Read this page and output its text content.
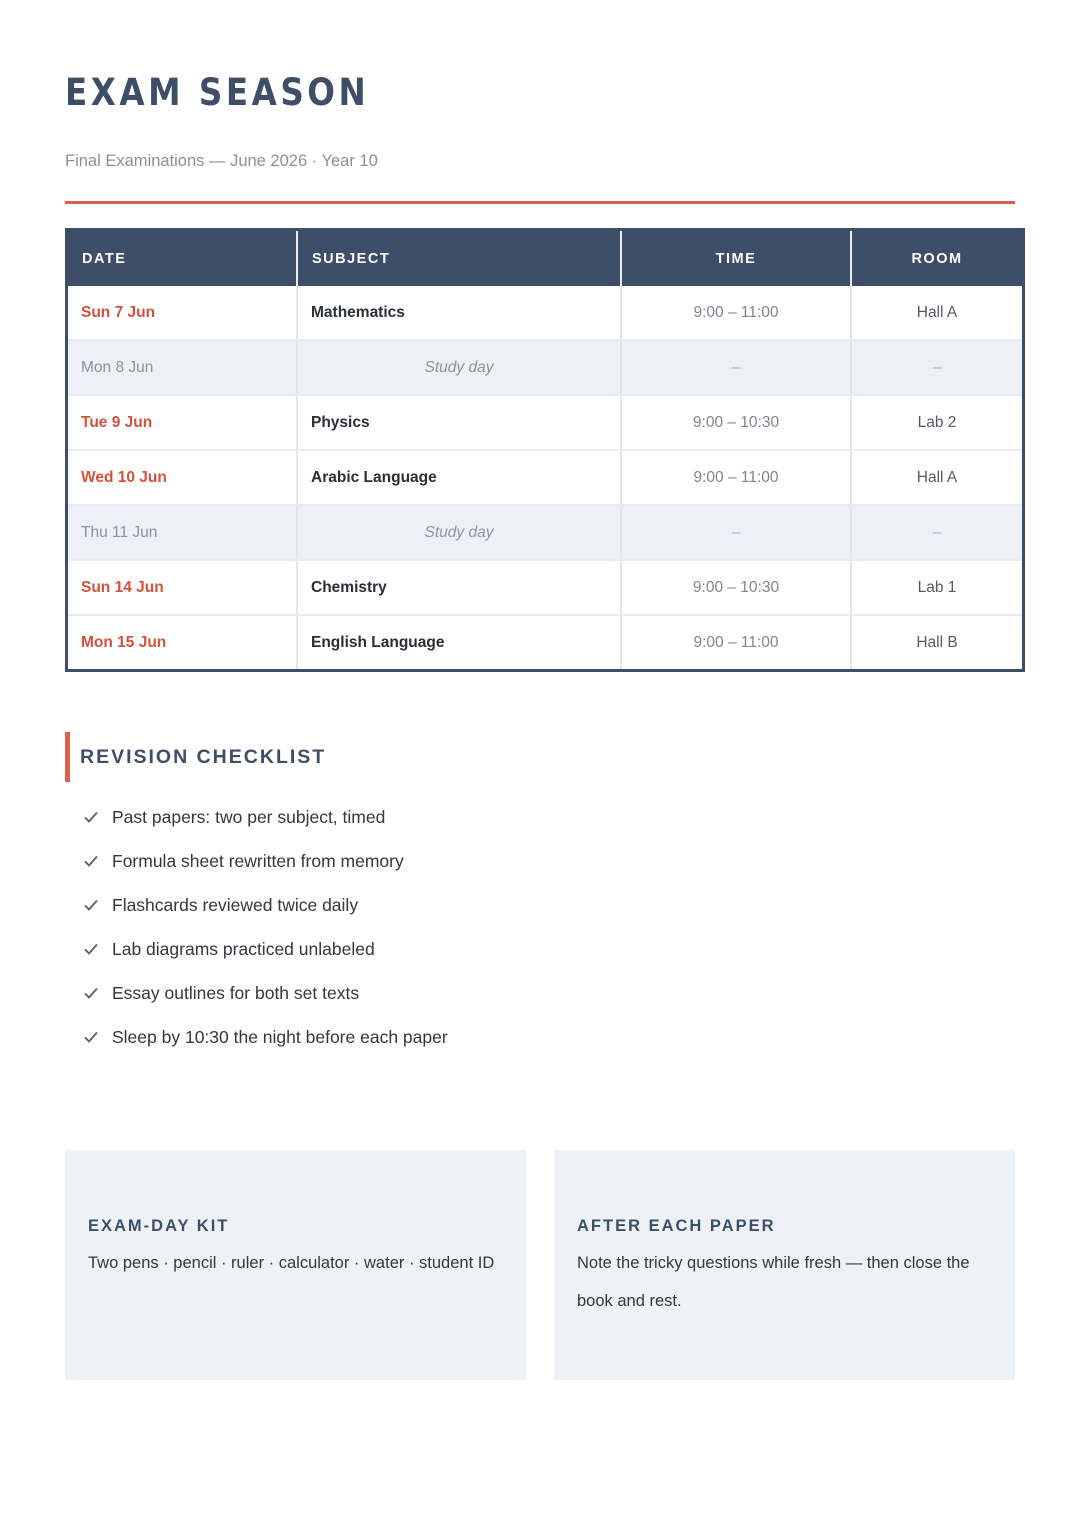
EXAM SEASON
Final Examinations — June 2026 · Year 10
DATE	SUBJECT	TIME	ROOM
Sun 7 Jun	Mathematics	9:00 – 11:00	Hall A
Mon 8 Jun	Study day	–	–
Tue 9 Jun	Physics	9:00 – 10:30	Lab 2
Wed 10 Jun	Arabic Language	9:00 – 11:00	Hall A
Thu 11 Jun	Study day	–	–
Sun 14 Jun	Chemistry	9:00 – 10:30	Lab 1
Mon 15 Jun	English Language	9:00 – 11:00	Hall B
REVISION CHECKLIST
Past papers: two per subject, timed
Formula sheet rewritten from memory
Flashcards reviewed twice daily
Lab diagrams practiced unlabeled
Essay outlines for both set texts
Sleep by 10:30 the night before each paper
EXAM-DAY KIT
Two pens · pencil · ruler · calculator · water · student ID
AFTER EACH PAPER
Note the tricky questions while fresh — then close the book and rest.
